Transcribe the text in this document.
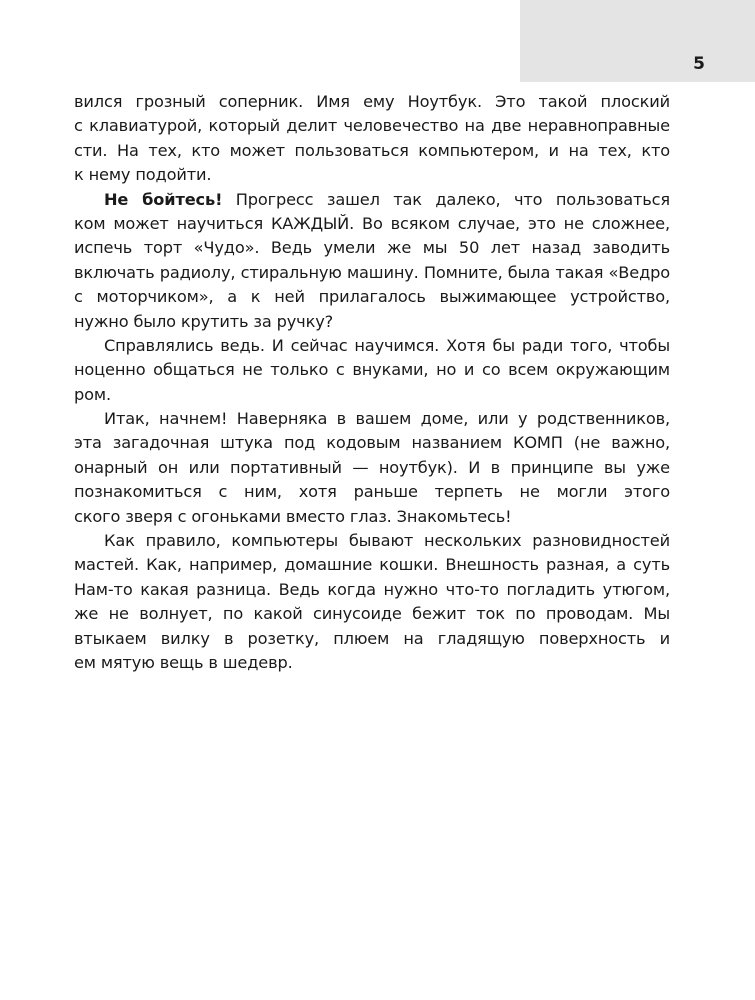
5
вился грозный соперник. Имя ему Ноутбук. Это такой плоский
с клавиатурой, который делит человечество на две неравноправные
сти. На тех, кто может пользоваться компьютером, и на тех, кто
к нему подойти.
Не бойтесь! Прогресс зашел так далеко, что пользоваться
ком может научиться КАЖДЫЙ. Во всяком случае, это не сложнее,
испечь торт «Чудо». Ведь умели же мы 50 лет назад заводить
включать радиолу, стиральную машину. Помните, была такая «Ведро
с моторчиком», а к ней прилагалось выжимающее устройство,
нужно было крутить за ручку?
Справлялись ведь. И сейчас научимся. Хотя бы ради того, чтобы
ноценно общаться не только с внуками, но и со всем окружающим
ром.
Итак, начнем! Наверняка в вашем доме, или у родственников,
эта загадочная штука под кодовым названием КОМП (не важно,
онарный он или портативный — ноутбук). И в принципе вы уже
познакомиться с ним, хотя раньше терпеть не могли этого
ского зверя с огоньками вместо глаз. Знакомьтесь!
Как правило, компьютеры бывают нескольких разновидностей
мастей. Как, например, домашние кошки. Внешность разная, а суть
Нам-то какая разница. Ведь когда нужно что-то погладить утюгом,
же не волнует, по какой синусоиде бежит ток по проводам. Мы
втыкаем вилку в розетку, плюем на гладящую поверхность и
ем мятую вещь в шедевр.
